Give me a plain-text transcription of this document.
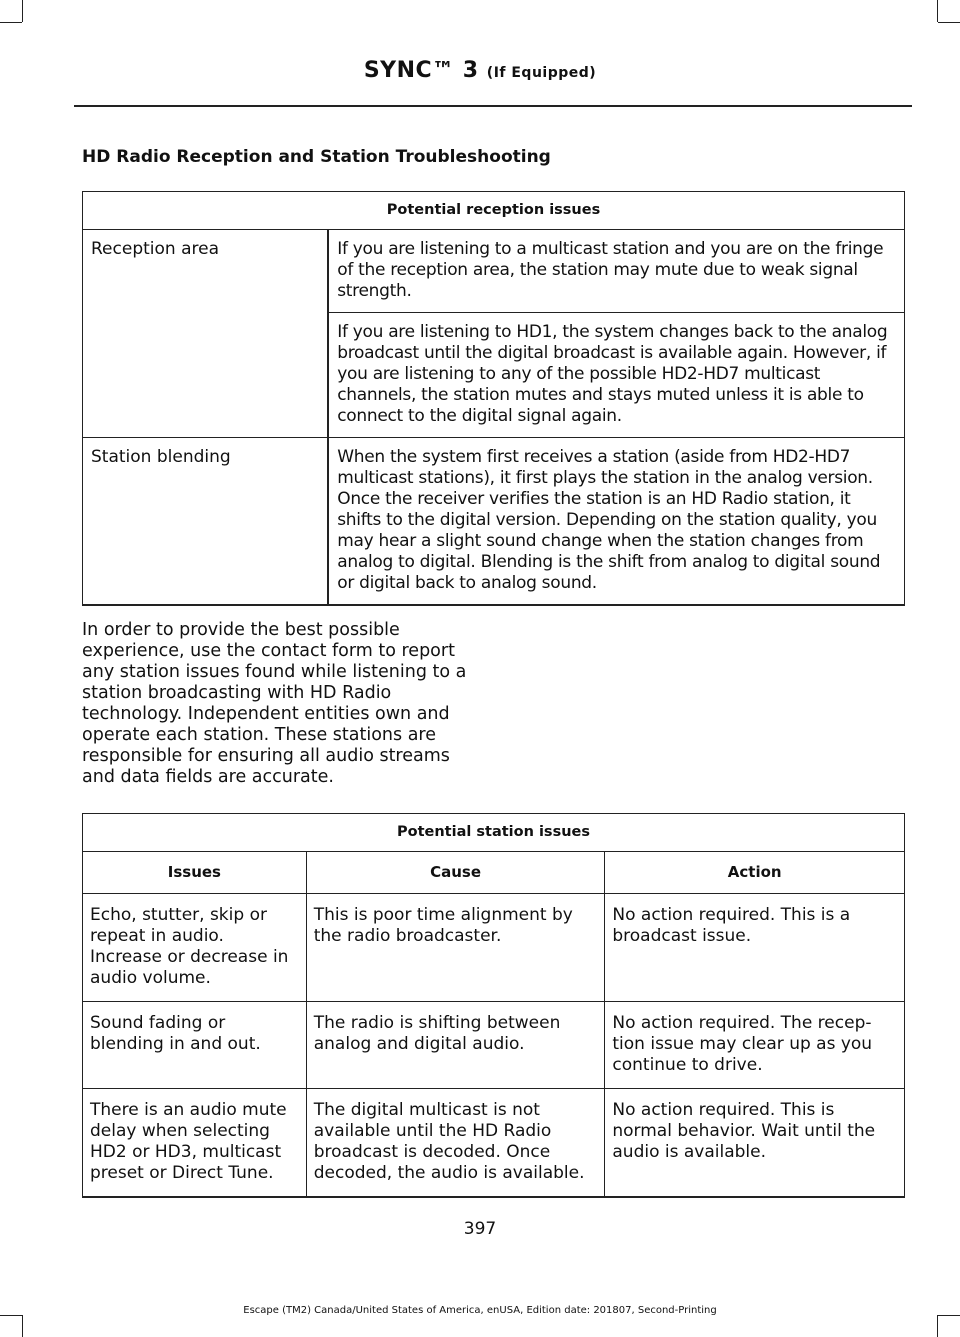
SYNC™ 3 (If Equipped)
HD Radio Reception and Station Troubleshooting
Potential reception issues	
Reception area	If you are listening to a multicast station and you are on the fringe of the reception area, the station may mute due to weak signal strength.
	If you are listening to HD1, the system changes back to the analog broadcast until the digital broadcast is available again. However, if you are listening to any of the possible HD2-HD7 multicast channels, the station mutes and stays muted unless it is able to connect to the digital signal again.
Station blending	When the system first receives a station (aside from HD2-HD7 multicast stations), it first plays the station in the analog version. Once the receiver verifies the station is an HD Radio station, it shifts to the digital version. Depending on the station quality, you may hear a slight sound change when the station changes from analog to digital. Blending is the shift from analog to digital sound or digital back to analog sound.
In order to provide the best possible experience, use the contact form to report any station issues found while listening to a station broadcasting with HD Radio technology. Independent entities own and operate each station. These stations are responsible for ensuring all audio streams and data fields are accurate.
Potential station issues		
Issues	Cause	Action
Echo, stutter, skip or repeat in audio. Increase or decrease in audio volume.	This is poor time alignment by the radio broadcaster.	No action required. This is a broadcast issue.
Sound fading or blending in and out.	The radio is shifting between analog and digital audio.	No action required. The recep-tion issue may clear up as you continue to drive.
There is an audio mute delay when selecting HD2 or HD3, multicast preset or Direct Tune.	The digital multicast is not available until the HD Radio broadcast is decoded. Once decoded, the audio is available.	No action required. This is normal behavior. Wait until the audio is available.
397
Escape (TM2) Canada/United States of America, enUSA, Edition date: 201807, Second-Printing
